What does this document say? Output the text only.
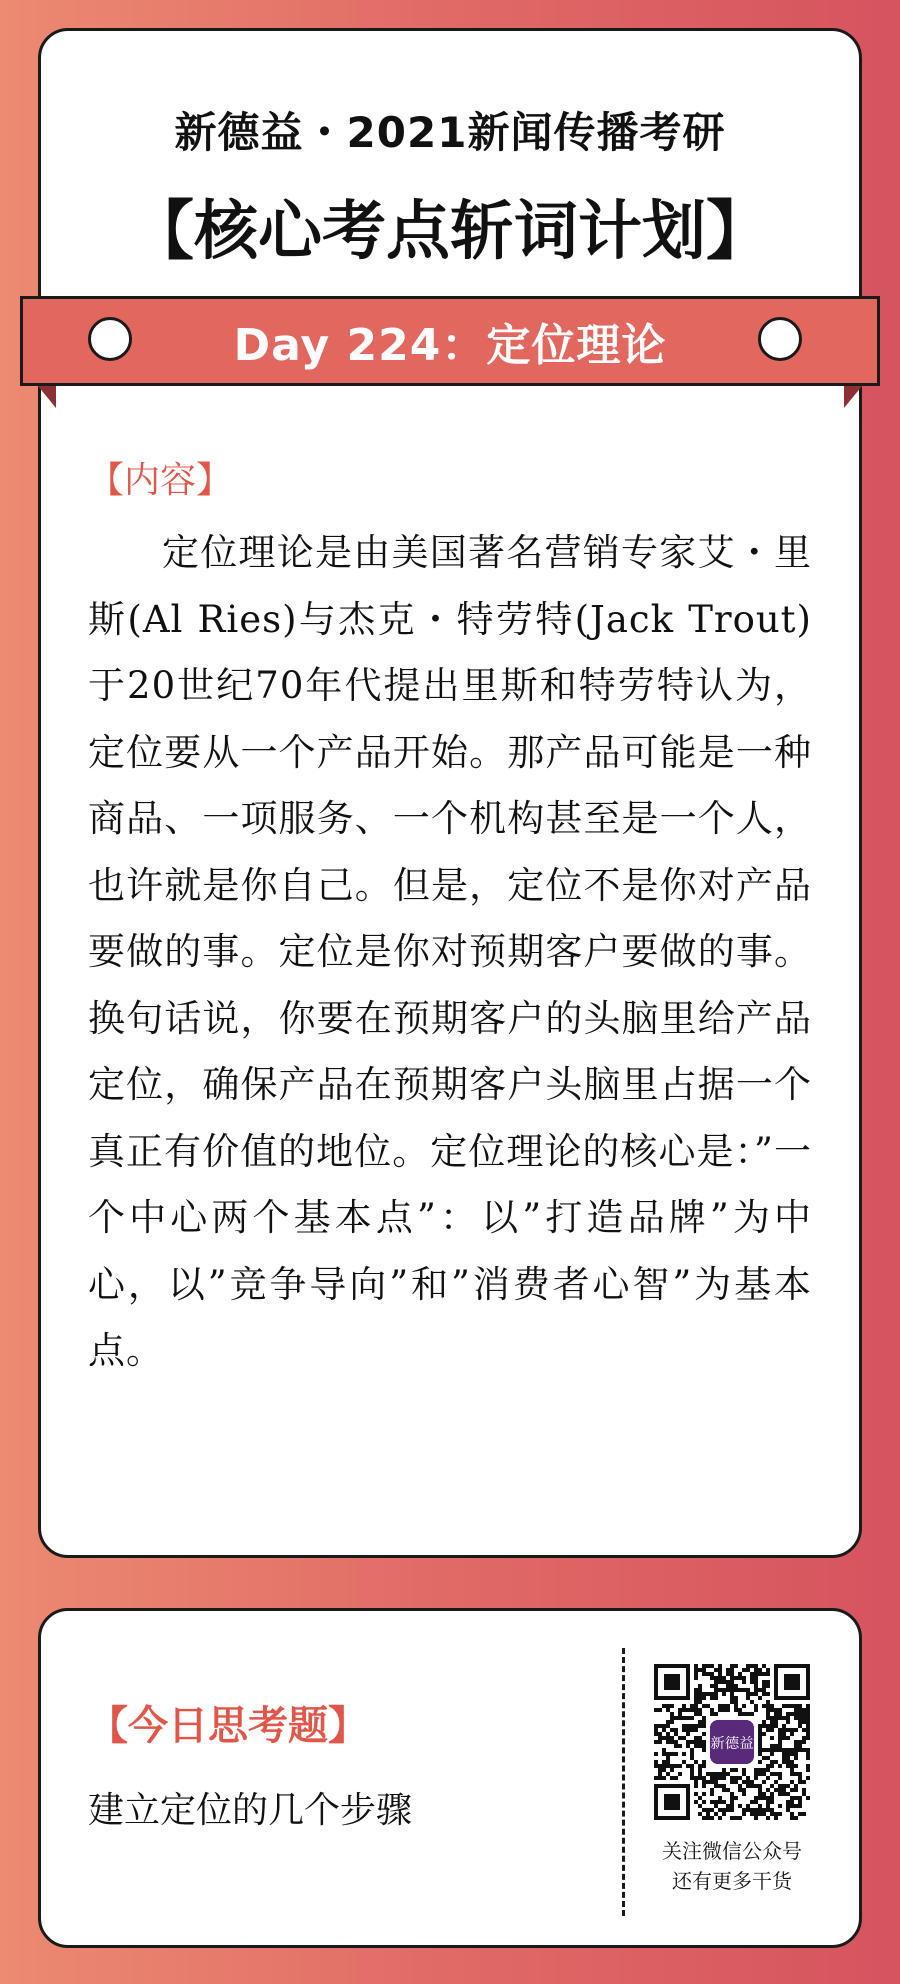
新德益・2021新闻传播考研
【核心考点斩词计划】
Day 224：定位理论
【内容】
定位理论是由美国著名营销专家艾・里斯(Al Ries)与杰克・特劳特(Jack Trout)于20世纪70年代提出里斯和特劳特认为，定位要从一个产品开始。那产品可能是一种商品、一项服务、一个机构甚至是一个人，也许就是你自己。但是，定位不是你对产品要做的事。定位是你对预期客户要做的事。换句话说，你要在预期客户的头脑里给产品定位，确保产品在预期客户头脑里占据一个真正有价值的地位。定位理论的核心是：”一个中心两个基本点”：以”打造品牌”为中心，以”竞争导向”和”消费者心智”为基本点。
【今日思考题】
建立定位的几个步骤
新德益
关注微信公众号
还有更多干货
